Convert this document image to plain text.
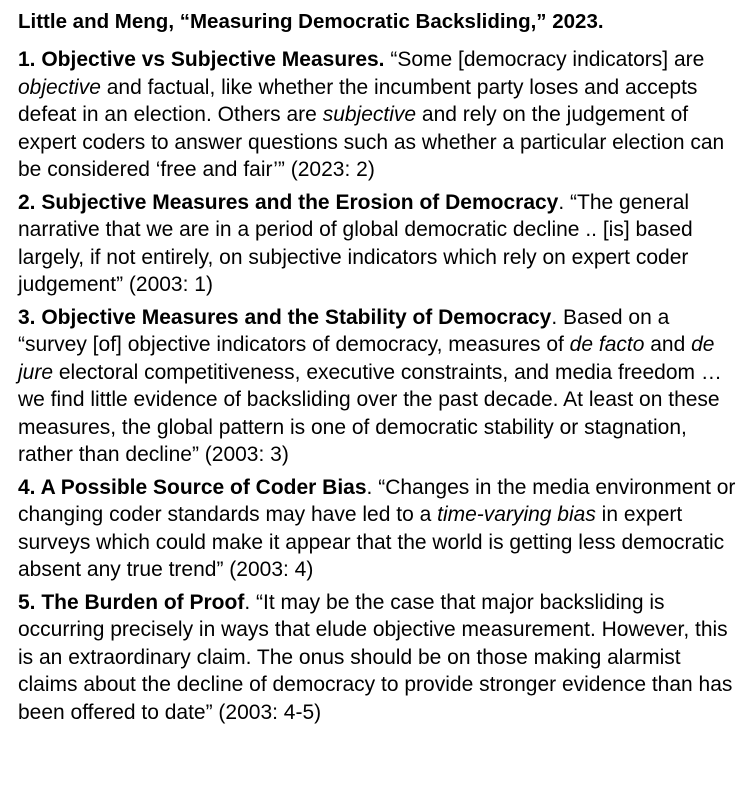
Little and Meng, “Measuring Democratic Backsliding,” 2023.

1. Objective vs Subjective Measures. “Some [democracy indicators] are objective and factual, like whether the incumbent party loses and accepts defeat in an election. Others are subjective and rely on the judgement of expert coders to answer questions such as whether a particular election can be considered ‘free and fair’” (2023: 2)

2. Subjective Measures and the Erosion of Democracy. “The general narrative that we are in a period of global democratic decline .. [is] based largely, if not entirely, on subjective indicators which rely on expert coder judgement” (2003: 1)

3. Objective Measures and the Stability of Democracy. Based on a “survey [of] objective indicators of democracy, measures of de facto and de jure electoral competitiveness, executive constraints, and media freedom … we find little evidence of backsliding over the past decade. At least on these measures, the global pattern is one of democratic stability or stagnation, rather than decline” (2003: 3)

4. A Possible Source of Coder Bias. “Changes in the media environment or changing coder standards may have led to a time-varying bias in expert surveys which could make it appear that the world is getting less democratic absent any true trend” (2003: 4)

5. The Burden of Proof. “It may be the case that major backsliding is occurring precisely in ways that elude objective measurement. However, this is an extraordinary claim. The onus should be on those making alarmist claims about the decline of democracy to provide stronger evidence than has been offered to date” (2003: 4-5)
